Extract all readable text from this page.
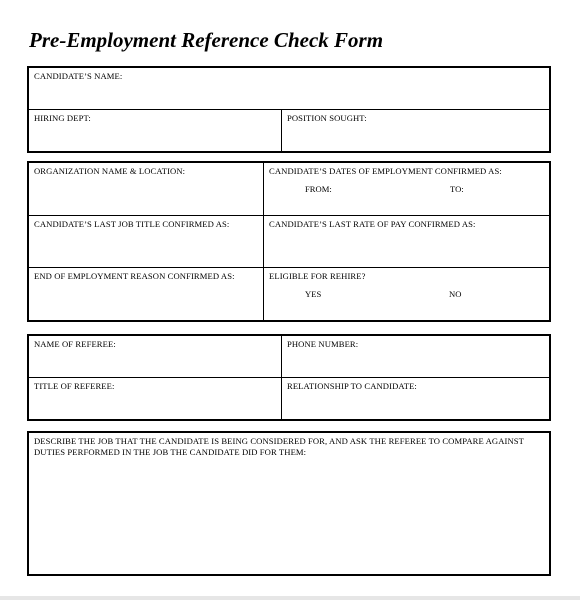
Pre-Employment Reference Check Form
CANDIDATE’S NAME:
HIRING DEPT:	POSITION SOUGHT:
ORGANIZATION NAME & LOCATION:	CANDIDATE’S DATES OF EMPLOYMENT CONFIRMED AS:
FROM:	TO:
CANDIDATE’S LAST JOB TITLE CONFIRMED AS:	CANDIDATE’S LAST RATE OF PAY CONFIRMED AS:
END OF EMPLOYMENT REASON CONFIRMED AS:	ELIGIBLE FOR REHIRE?
YES	NO
NAME OF REFEREE:	PHONE NUMBER:
TITLE OF REFEREE:	RELATIONSHIP TO CANDIDATE:
DESCRIBE THE JOB THAT THE CANDIDATE IS BEING CONSIDERED FOR, AND ASK THE REFEREE TO COMPARE AGAINST DUTIES PERFORMED IN THE JOB THE CANDIDATE DID FOR THEM:
